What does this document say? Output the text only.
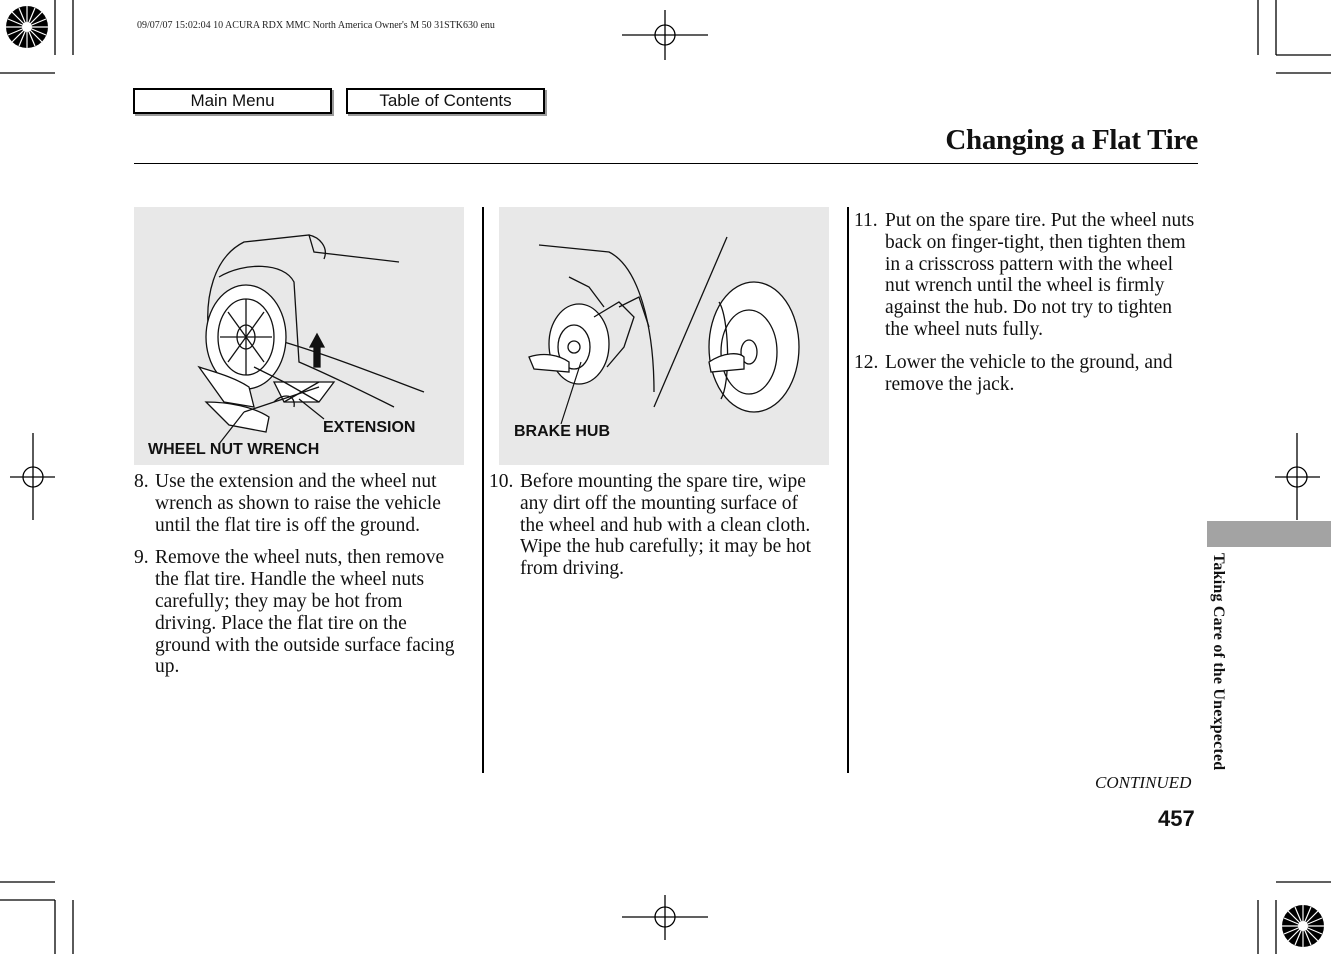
09/07/07 15:02:04 10 ACURA RDX MMC North America Owner's M 50 31STK630 enu
Main Menu	Table of Contents
Changing a Flat Tire
EXTENSION
WHEEL NUT WRENCH
BRAKE HUB
8. Use the extension and the wheel nut wrench as shown to raise the vehicle until the flat tire is off the ground.
9. Remove the wheel nuts, then remove the flat tire. Handle the wheel nuts carefully; they may be hot from driving. Place the flat tire on the ground with the outside surface facing up.
10. Before mounting the spare tire, wipe any dirt off the mounting surface of the wheel and hub with a clean cloth. Wipe the hub carefully; it may be hot from driving.
11. Put on the spare tire. Put the wheel nuts back on finger-tight, then tighten them in a crisscross pattern with the wheel nut wrench until the wheel is firmly against the hub. Do not try to tighten the wheel nuts fully.
12. Lower the vehicle to the ground, and remove the jack.
Taking Care of the Unexpected
CONTINUED
457
